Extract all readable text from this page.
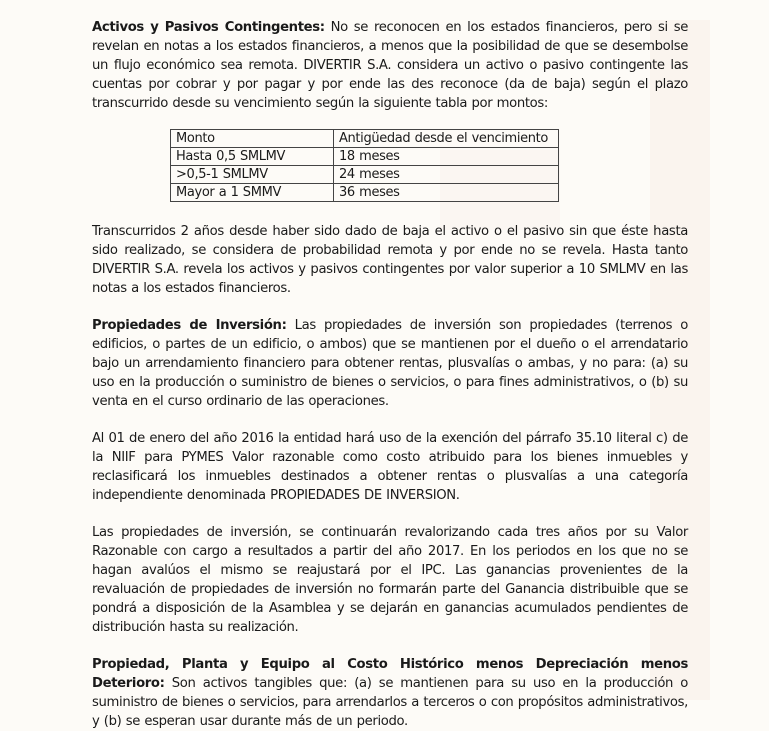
Activos y Pasivos Contingentes: No se reconocen en los estados financieros, pero si se revelan en notas a los estados financieros, a menos que la posibilidad de que se desembolse un flujo económico sea remota. DIVERTIR S.A. considera un activo o pasivo contingente las cuentas por cobrar y por pagar y por ende las des reconoce (da de baja) según el plazo transcurrido desde su vencimiento según la siguiente tabla por montos:

Monto	Antigüedad desde el vencimiento
Hasta 0,5 SMLMV	18 meses
>0,5-1 SMLMV	24 meses
Mayor a 1 SMMV	36 meses

Transcurridos 2 años desde haber sido dado de baja el activo o el pasivo sin que éste hasta sido realizado, se considera de probabilidad remota y por ende no se revela. Hasta tanto DIVERTIR S.A. revela los activos y pasivos contingentes por valor superior a 10 SMLMV en las notas a los estados financieros.

Propiedades de Inversión: Las propiedades de inversión son propiedades (terrenos o edificios, o partes de un edificio, o ambos) que se mantienen por el dueño o el arrendatario bajo un arrendamiento financiero para obtener rentas, plusvalías o ambas, y no para: (a) su uso en la producción o suministro de bienes o servicios, o para fines administrativos, o (b) su venta en el curso ordinario de las operaciones.

Al 01 de enero del año 2016 la entidad hará uso de la exención del párrafo 35.10 literal c) de la NIIF para PYMES Valor razonable como costo atribuido para los bienes inmuebles y reclasificará los inmuebles destinados a obtener rentas o plusvalías a una categoría independiente denominada PROPIEDADES DE INVERSION.

Las propiedades de inversión, se continuarán revalorizando cada tres años por su Valor Razonable con cargo a resultados a partir del año 2017. En los periodos en los que no se hagan avalúos el mismo se reajustará por el IPC. Las ganancias provenientes de la revaluación de propiedades de inversión no formarán parte del Ganancia distribuible que se pondrá a disposición de la Asamblea y se dejarán en ganancias acumulados pendientes de distribución hasta su realización.

Propiedad, Planta y Equipo al Costo Histórico menos Depreciación menos Deterioro: Son activos tangibles que: (a) se mantienen para su uso en la producción o suministro de bienes o servicios, para arrendarlos a terceros o con propósitos administrativos, y (b) se esperan usar durante más de un periodo.
